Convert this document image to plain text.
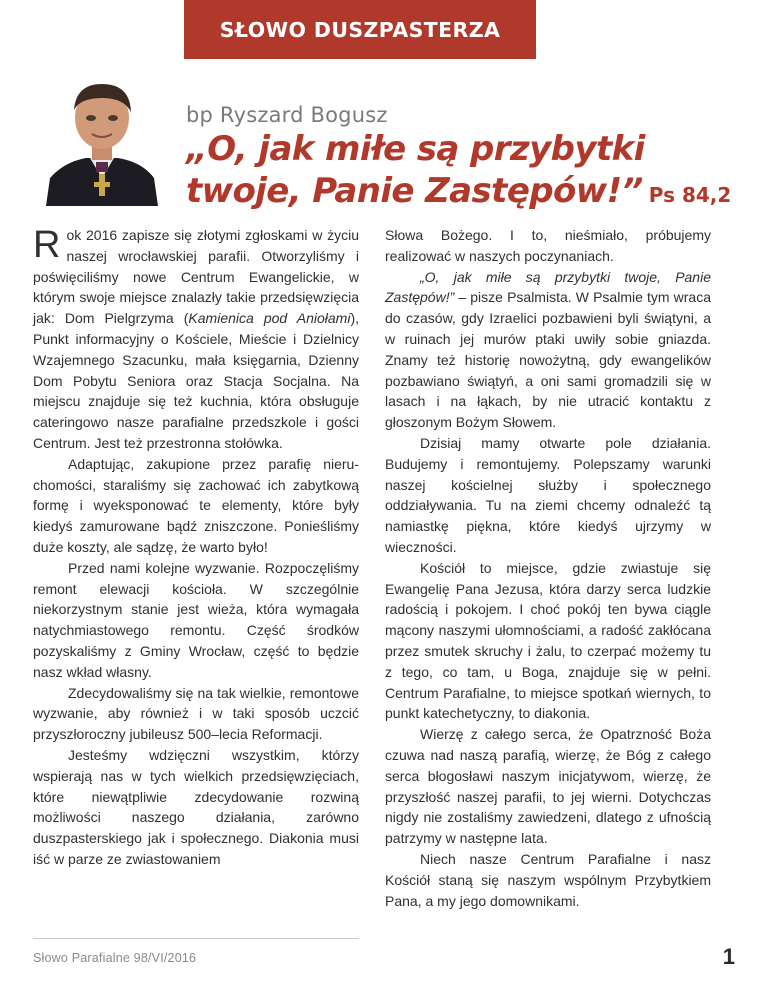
SŁOWO DUSZPASTERZA
bp Ryszard Bogusz
„O, jak miłe są przybytki
twoje, Panie Zastępów!” Ps 84,2

Rok 2016 zapisze się złotymi zgłoskami w życiu naszej wrocławskiej parafii. Otworzyliśmy i poświęciliśmy nowe Centrum Ewangelickie, w którym swoje miejsce znalazły takie przedsięwzięcia jak: Dom Pielgrzyma (Kamienica pod Aniołami), Punkt informacyjny o Kościele, Mieście i Dzielnicy Wzajemnego Szacunku, mała księgarnia, Dzienny Dom Pobytu Seniora oraz Stacja Socjalna. Na miejscu znajduje się też kuchnia, która obsługuje cateringowo nasze parafialne przedszkole i gości Centrum. Jest też przestronna stołówka.

Adaptując, zakupione przez parafię nieruchomości, staraliśmy się zachować ich zabytkową formę i wyeksponować te elementy, które były kiedyś zamurowane bądź zniszczone. Ponieśliśmy duże koszty, ale sądzę, że warto było!

Przed nami kolejne wyzwanie. Rozpoczęliśmy remont elewacji kościoła. W szczególnie niekorzystnym stanie jest wieża, która wymagała natychmiastowego remontu. Część środków pozyskaliśmy z Gminy Wrocław, część to będzie nasz wkład własny.

Zdecydowaliśmy się na tak wielkie, remontowe wyzwanie, aby również i w taki sposób uczcić przyszłoroczny jubileusz 500–lecia Reformacji.

Jesteśmy wdzięczni wszystkim, którzy wspierają nas w tych wielkich przedsięwzięciach, które niewątpliwie zdecydowanie rozwiną możliwości naszego działania, zarówno duszpasterskiego jak i społecznego. Diakonia musi iść w parze ze zwiastowaniem

Słowa Bożego. I to, nieśmiało, próbujemy realizować w naszych poczynaniach.

„O, jak miłe są przybytki twoje, Panie Zastępów!” – pisze Psalmista. W Psalmie tym wraca do czasów, gdy Izraelici pozbawieni byli świątyni, a w ruinach jej murów ptaki uwiły sobie gniazda. Znamy też historię nowożytną, gdy ewangelików pozbawiano świątyń, a oni sami gromadzili się w lasach i na łąkach, by nie utracić kontaktu z głoszonym Bożym Słowem.

Dzisiaj mamy otwarte pole działania. Budujemy i remontujemy. Polepszamy warunki naszej kościelnej służby i społecznego oddziaływania. Tu na ziemi chcemy odnaleźć tą namiastkę piękna, które kiedyś ujrzymy w wieczności.

Kościół to miejsce, gdzie zwiastuje się Ewangelię Pana Jezusa, która darzy serca ludzkie radością i pokojem. I choć pokój ten bywa ciągle mącony naszymi ułomnościami, a radość zakłócana przez smutek skruchy i żalu, to czerpać możemy tu z tego, co tam, u Boga, znajduje się w pełni. Centrum Parafialne, to miejsce spotkań wiernych, to punkt katechetyczny, to diakonia.

Wierzę z całego serca, że Opatrzność Boża czuwa nad naszą parafią, wierzę, że Bóg z całego serca błogosławi naszym inicjatywom, wierzę, że przyszłość naszej parafii, to jej wierni. Dotychczas nigdy nie zostaliśmy zawiedzeni, dlatego z ufnością patrzymy w następne lata.

Niech nasze Centrum Parafialne i nasz Kościół staną się naszym wspólnym Przybytkiem Pana, a my jego domownikami.

Słowo Parafialne 98/VI/2016	1
